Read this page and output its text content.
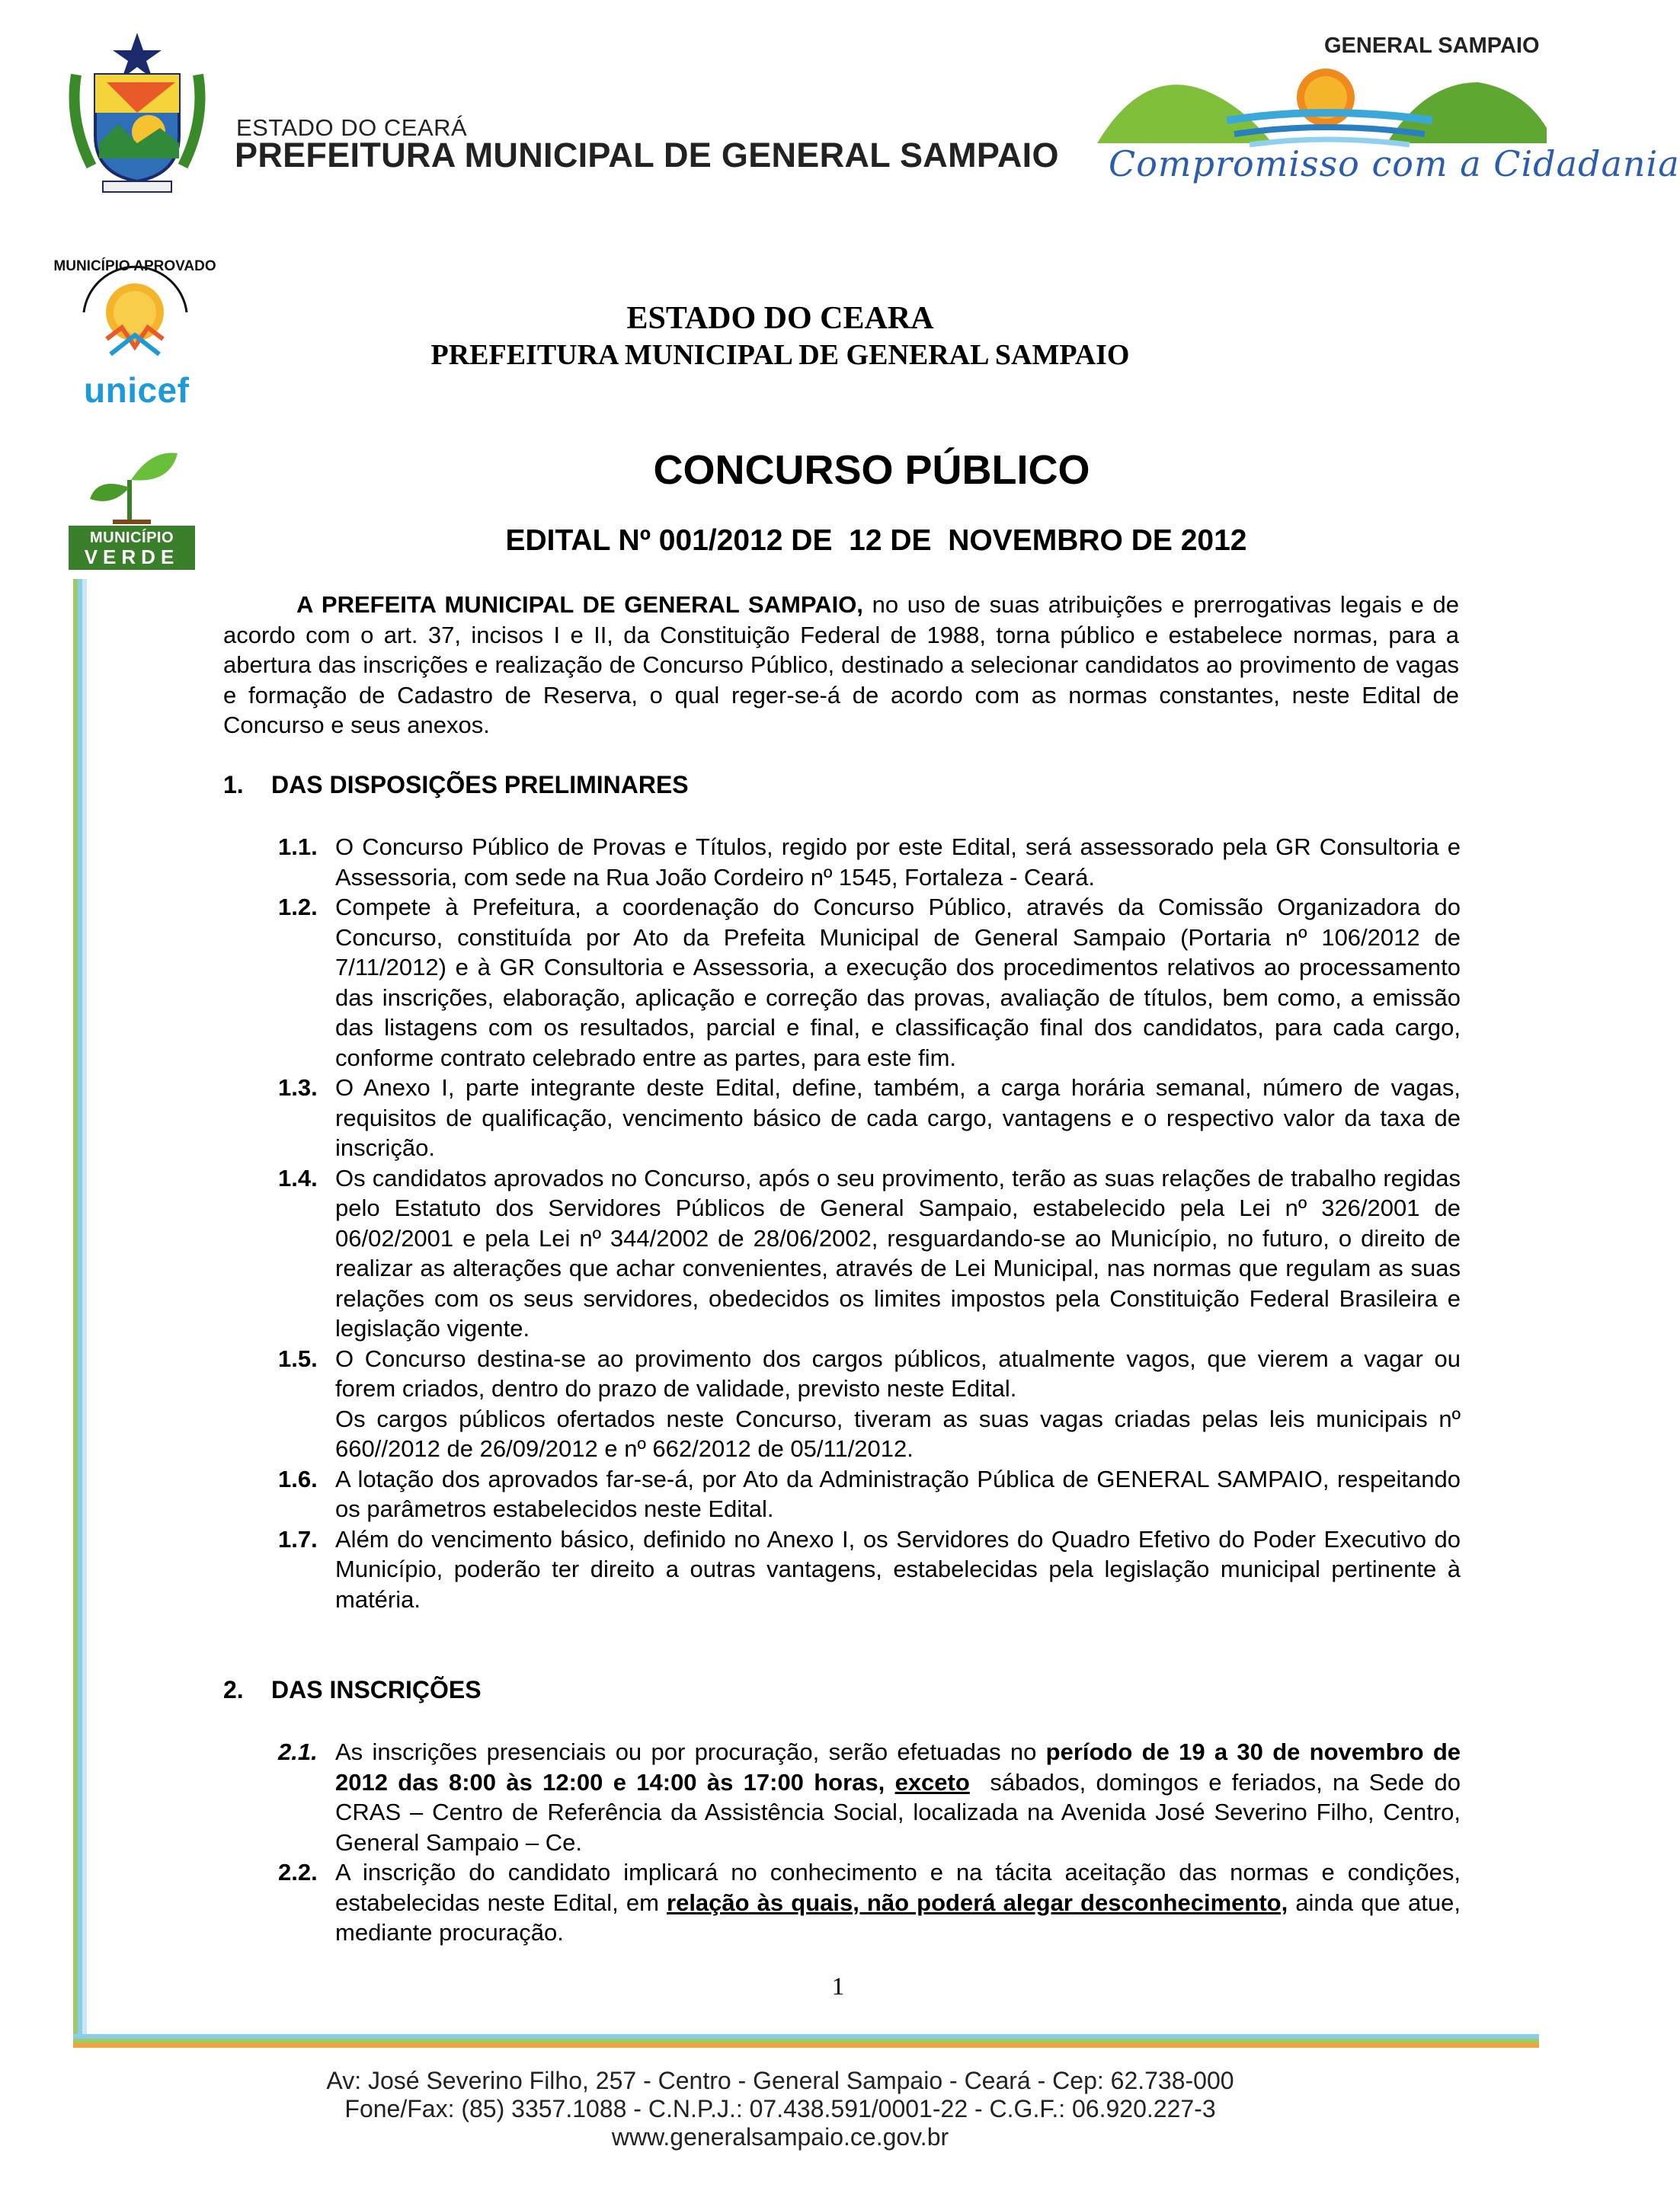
ESTADO DO CEARÁ
PREFEITURA MUNICIPAL DE GENERAL SAMPAIO
GENERAL SAMPAIO
Compromisso com a Cidadania
MUNICÍPIO APROVADO
unicef
MUNICÍPIO
VERDE
ESTADO DO CEARA
PREFEITURA MUNICIPAL DE GENERAL SAMPAIO
CONCURSO PÚBLICO
EDITAL Nº 001/2012 DE  12 DE  NOVEMBRO DE 2012
A PREFEITA MUNICIPAL DE GENERAL SAMPAIO, no uso de suas atribuições e prerrogativas legais e de acordo com o art. 37, incisos I e II, da Constituição Federal de 1988, torna público e estabelece normas, para a abertura das inscrições e realização de Concurso Público, destinado a selecionar candidatos ao provimento de vagas e formação de Cadastro de Reserva, o qual reger-se-á de acordo com as normas constantes, neste Edital de Concurso e seus anexos.
1. DAS DISPOSIÇÕES PRELIMINARES
1.1. O Concurso Público de Provas e Títulos, regido por este Edital, será assessorado pela GR Consultoria e Assessoria, com sede na Rua João Cordeiro nº 1545, Fortaleza - Ceará.
1.2. Compete à Prefeitura, a coordenação do Concurso Público, através da Comissão Organizadora do Concurso, constituída por Ato da Prefeita Municipal de General Sampaio (Portaria nº 106/2012 de 7/11/2012) e à GR Consultoria e Assessoria, a execução dos procedimentos relativos ao processamento das inscrições, elaboração, aplicação e correção das provas, avaliação de títulos, bem como, a emissão das listagens com os resultados, parcial e final, e classificação final dos candidatos, para cada cargo, conforme contrato celebrado entre as partes, para este fim.
1.3. O Anexo I, parte integrante deste Edital, define, também, a carga horária semanal, número de vagas, requisitos de qualificação, vencimento básico de cada cargo, vantagens e o respectivo valor da taxa de inscrição.
1.4. Os candidatos aprovados no Concurso, após o seu provimento, terão as suas relações de trabalho regidas pelo Estatuto dos Servidores Públicos de General Sampaio, estabelecido pela Lei nº 326/2001 de 06/02/2001 e pela Lei nº 344/2002 de 28/06/2002, resguardando-se ao Município, no futuro, o direito de realizar as alterações que achar convenientes, através de Lei Municipal, nas normas que regulam as suas relações com os seus servidores, obedecidos os limites impostos pela Constituição Federal Brasileira e legislação vigente.
1.5. O Concurso destina-se ao provimento dos cargos públicos, atualmente vagos, que vierem a vagar ou forem criados, dentro do prazo de validade, previsto neste Edital.
Os cargos públicos ofertados neste Concurso, tiveram as suas vagas criadas pelas leis municipais nº 660//2012 de 26/09/2012 e nº 662/2012 de 05/11/2012.
1.6. A lotação dos aprovados far-se-á, por Ato da Administração Pública de GENERAL SAMPAIO, respeitando os parâmetros estabelecidos neste Edital.
1.7. Além do vencimento básico, definido no Anexo I, os Servidores do Quadro Efetivo do Poder Executivo do Município, poderão ter direito a outras vantagens, estabelecidas pela legislação municipal pertinente à matéria.
2. DAS INSCRIÇÕES
2.1. As inscrições presenciais ou por procuração, serão efetuadas no período de 19 a 30 de novembro de 2012 das 8:00 às 12:00 e 14:00 às 17:00 horas, exceto  sábados, domingos e feriados, na Sede do CRAS – Centro de Referência da Assistência Social, localizada na Avenida José Severino Filho, Centro, General Sampaio – Ce.
2.2. A inscrição do candidato implicará no conhecimento e na tácita aceitação das normas e condições, estabelecidas neste Edital, em relação às quais, não poderá alegar desconhecimento, ainda que atue, mediante procuração.
1
Av: José Severino Filho, 257 - Centro - General Sampaio - Ceará - Cep: 62.738-000
Fone/Fax: (85) 3357.1088 - C.N.P.J.: 07.438.591/0001-22 - C.G.F.: 06.920.227-3
www.generalsampaio.ce.gov.br
